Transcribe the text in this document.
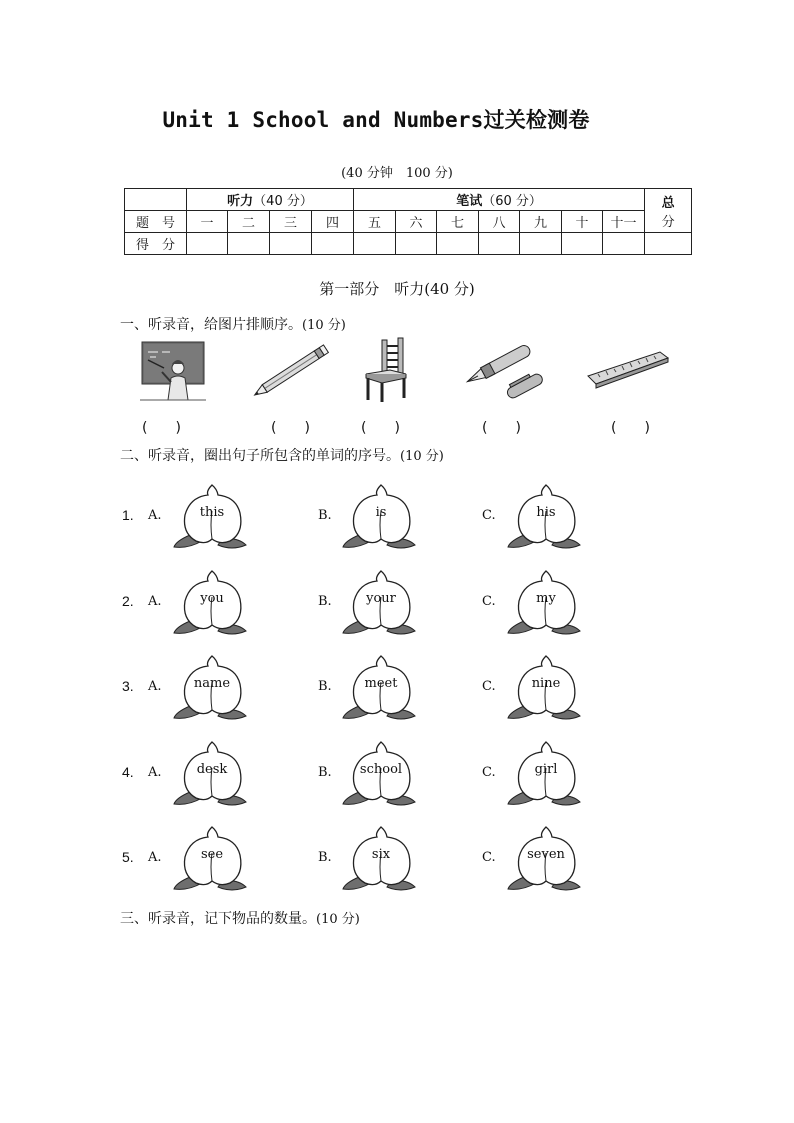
Unit 1 School and Numbers过关检测卷
(40 分钟　100 分)
	听力（40 分）				笔试（60 分）							总
分
题　号	一	二	三	四	五	六	七	八	九	十	十一	
得　分												
第一部分　听力(40 分)
一、听录音，给图片排顺序。(10 分)
(　　)	(　　)	(　　)	(　　)	(　　)
二、听录音，圈出句子所包含的单词的序号。(10 分)
1. A.	this	B.	is	C.	his
2. A.	you	B.	your	C.	my
3. A.	name	B.	meet	C.	nine
4. A.	desk	B.	school	C.	girl
5. A.	see	B.	six	C.	seven
三、听录音，记下物品的数量。(10 分)
